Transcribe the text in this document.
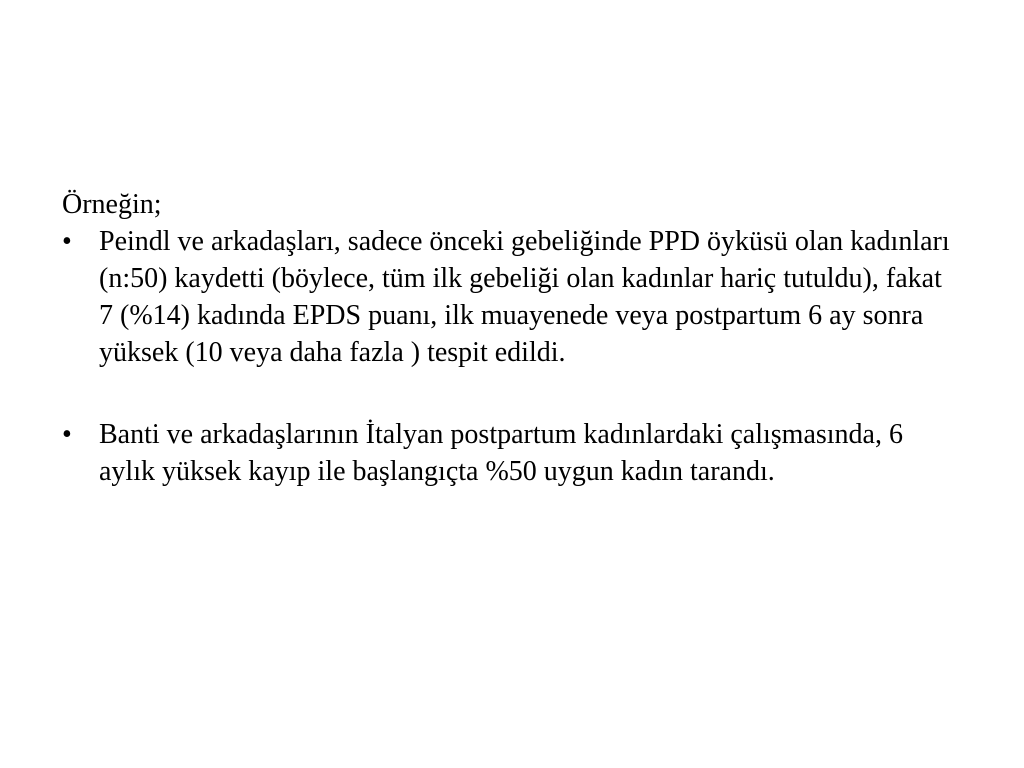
Örneğin;

• Peindl ve arkadaşları, sadece önceki gebeliğinde PPD öyküsü olan kadınları (n:50) kaydetti (böylece, tüm ilk gebeliği olan kadınlar hariç tutuldu), fakat 7 (%14) kadında EPDS puanı, ilk muayenede veya postpartum 6 ay sonra yüksek (10 veya daha fazla ) tespit edildi.
• Banti ve arkadaşlarının İtalyan postpartum kadınlardaki çalışmasında, 6 aylık yüksek kayıp ile başlangıçta %50 uygun kadın tarandı.
